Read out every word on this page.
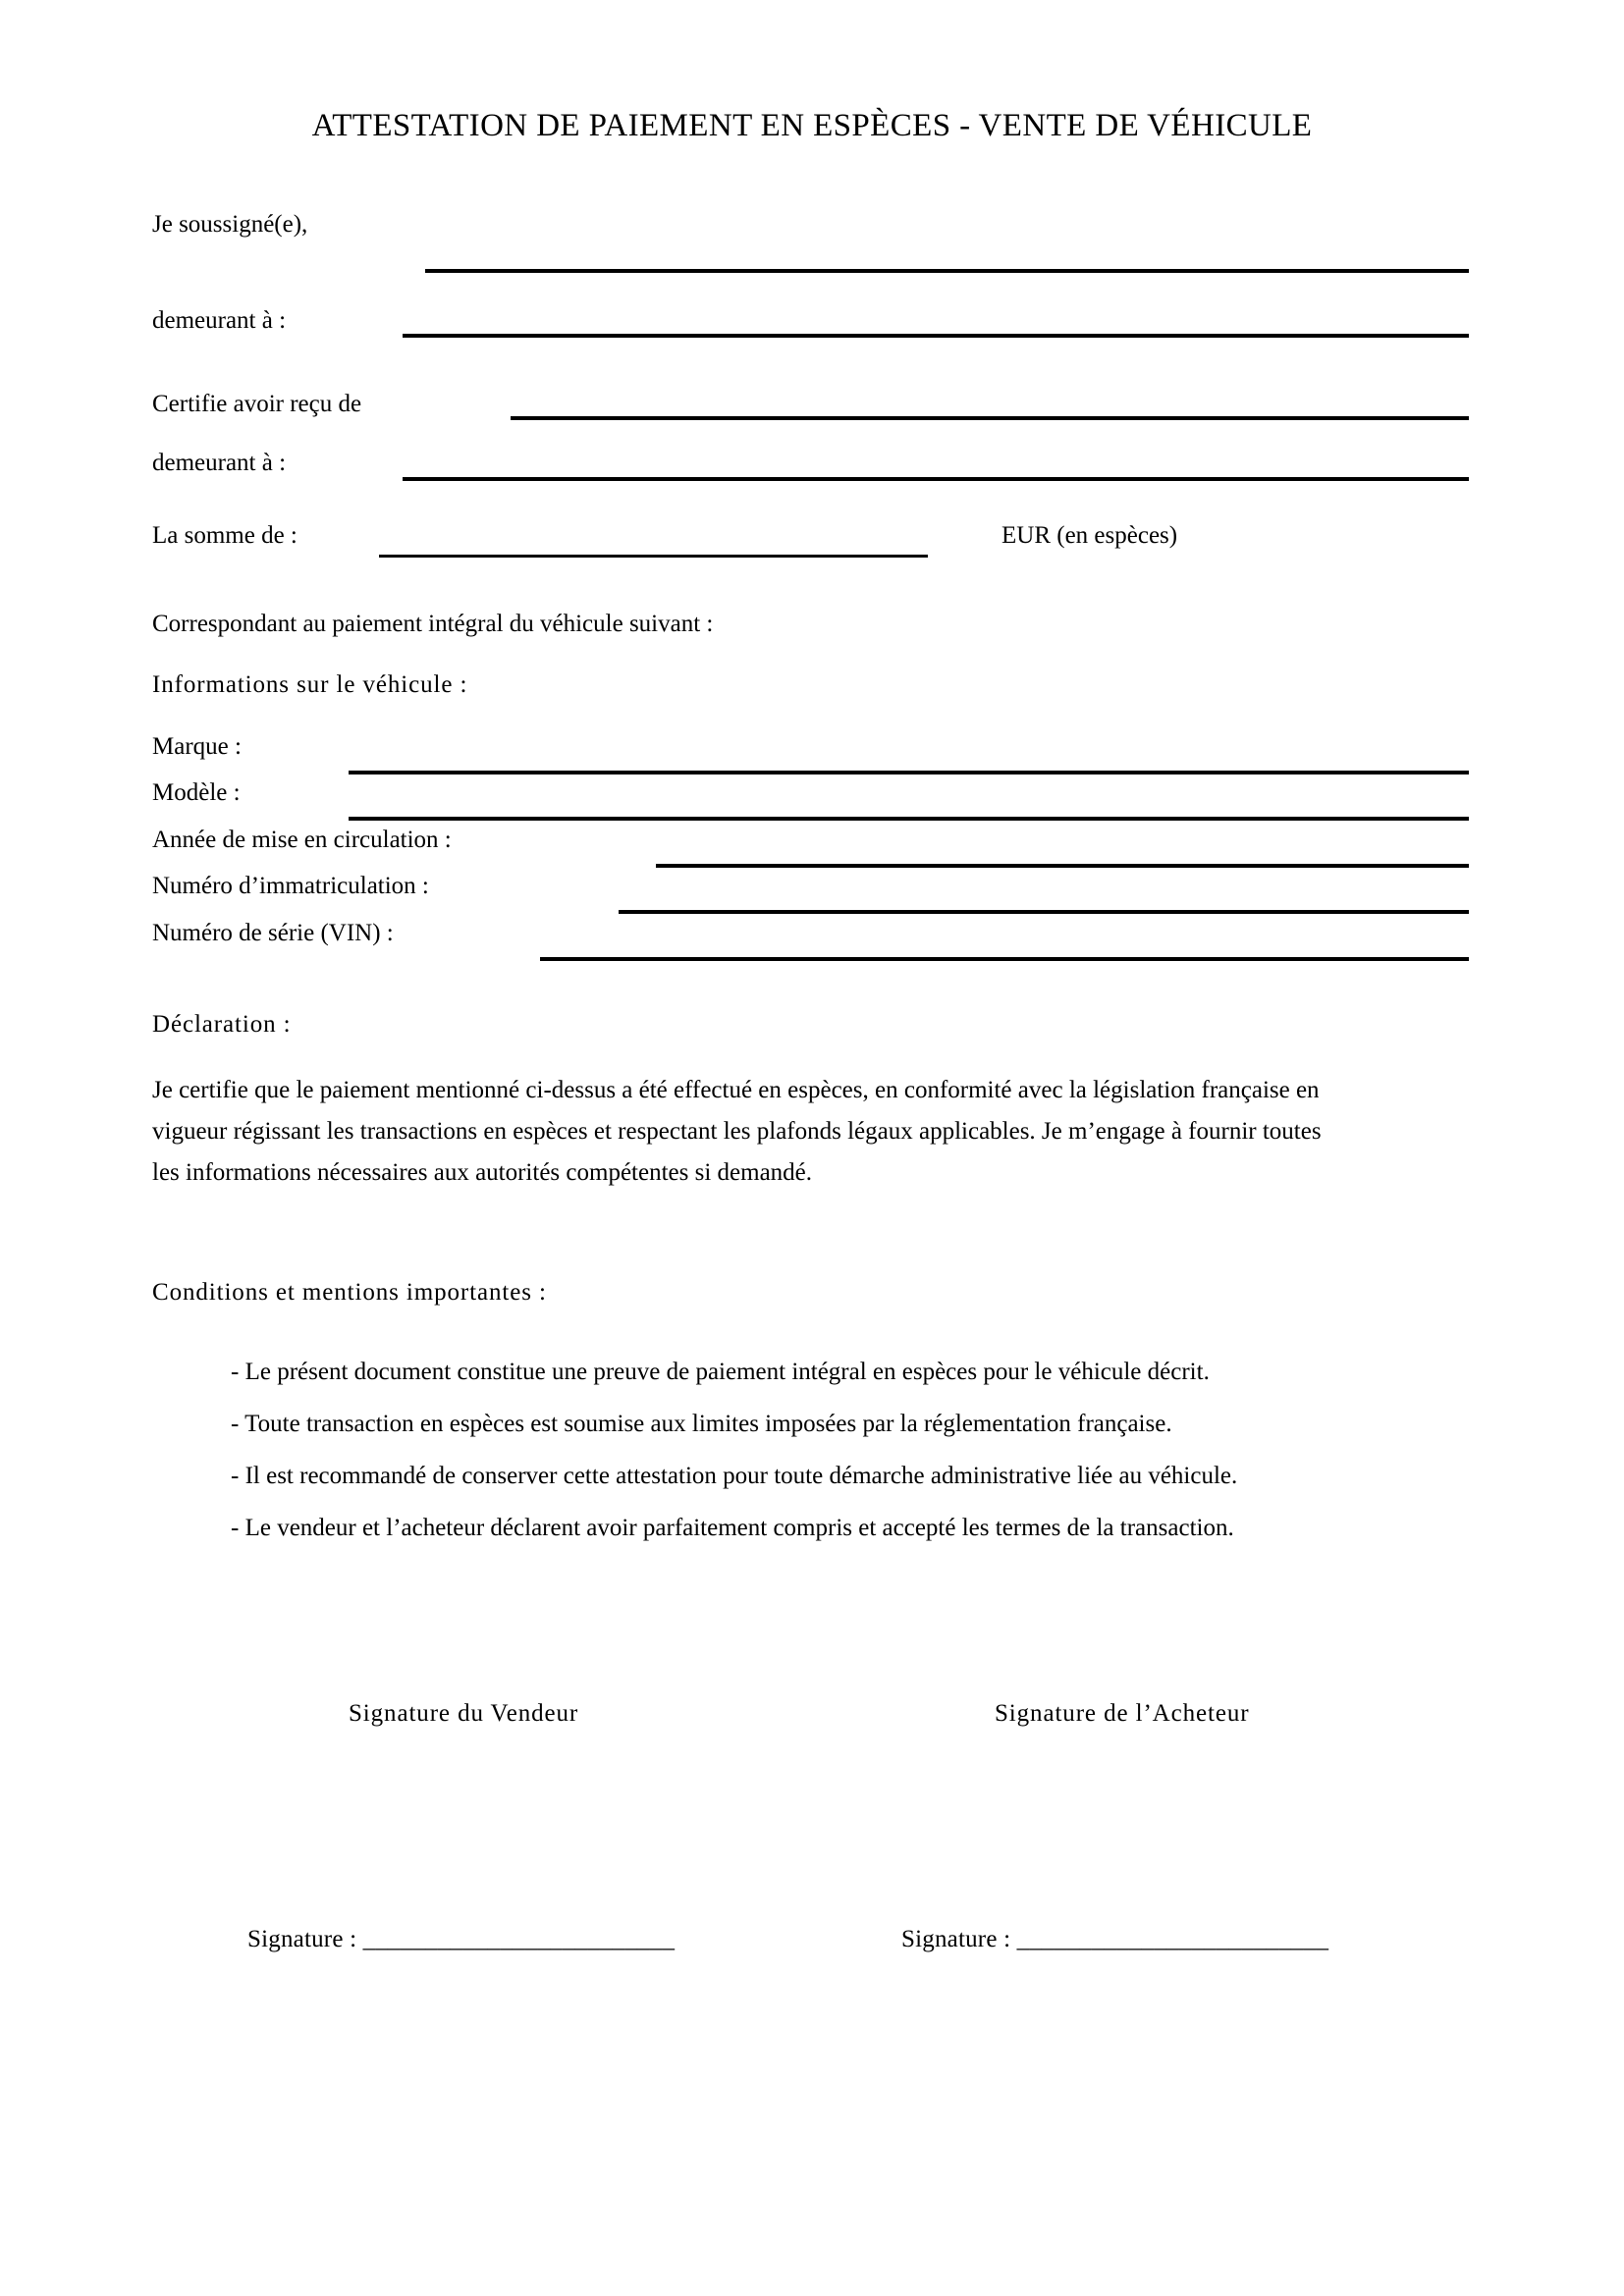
ATTESTATION DE PAIEMENT EN ESPÈCES - VENTE DE VÉHICULE
Je soussigné(e),
demeurant à :
Certifie avoir reçu de
demeurant à :
La somme de :	EUR (en espèces)
Correspondant au paiement intégral du véhicule suivant :
Informations sur le véhicule :
Marque :
Modèle :
Année de mise en circulation :
Numéro d’immatriculation :
Numéro de série (VIN) :
Déclaration :
Je certifie que le paiement mentionné ci-dessus a été effectué en espèces, en conformité avec la législation française en
vigueur régissant les transactions en espèces et respectant les plafonds légaux applicables. Je m’engage à fournir toutes
les informations nécessaires aux autorités compétentes si demandé.
Conditions et mentions importantes :
- Le présent document constitue une preuve de paiement intégral en espèces pour le véhicule décrit.
- Toute transaction en espèces est soumise aux limites imposées par la réglementation française.
- Il est recommandé de conserver cette attestation pour toute démarche administrative liée au véhicule.
- Le vendeur et l’acheteur déclarent avoir parfaitement compris et accepté les termes de la transaction.
Signature du Vendeur	Signature de l’Acheteur
Signature : _________________________	Signature : _________________________
